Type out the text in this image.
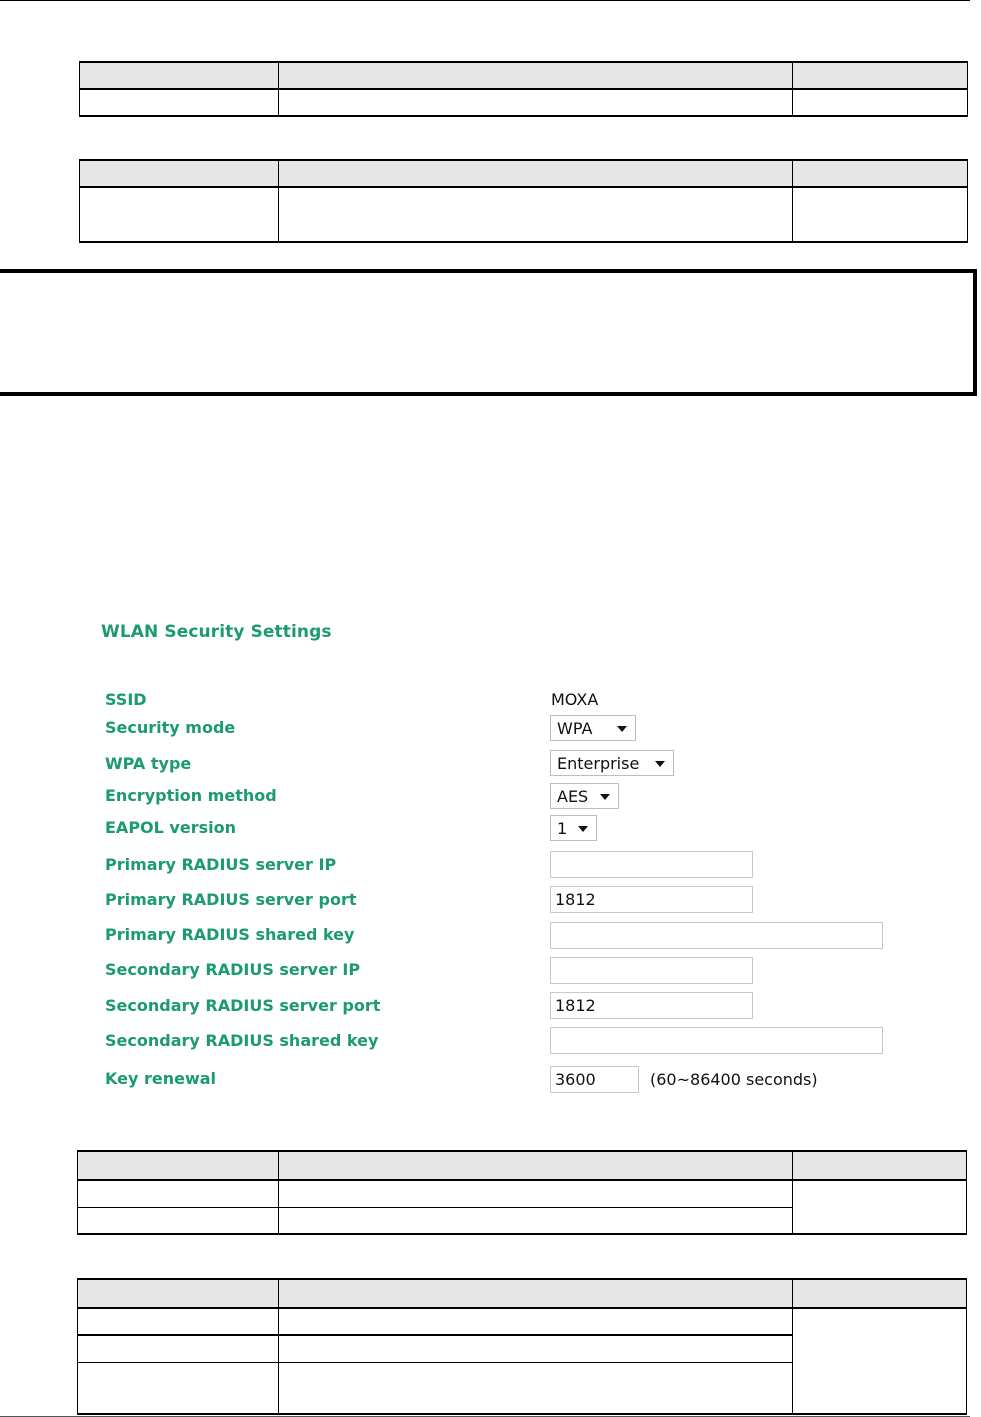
WLAN Security Settings
SSID	MOXA
Security mode	WPA
WPA type	Enterprise
Encryption method	AES
EAPOL version	1
Primary RADIUS server IP
Primary RADIUS server port	1812
Primary RADIUS shared key
Secondary RADIUS server IP
Secondary RADIUS server port	1812
Secondary RADIUS shared key
Key renewal	3600	(60~86400 seconds)
